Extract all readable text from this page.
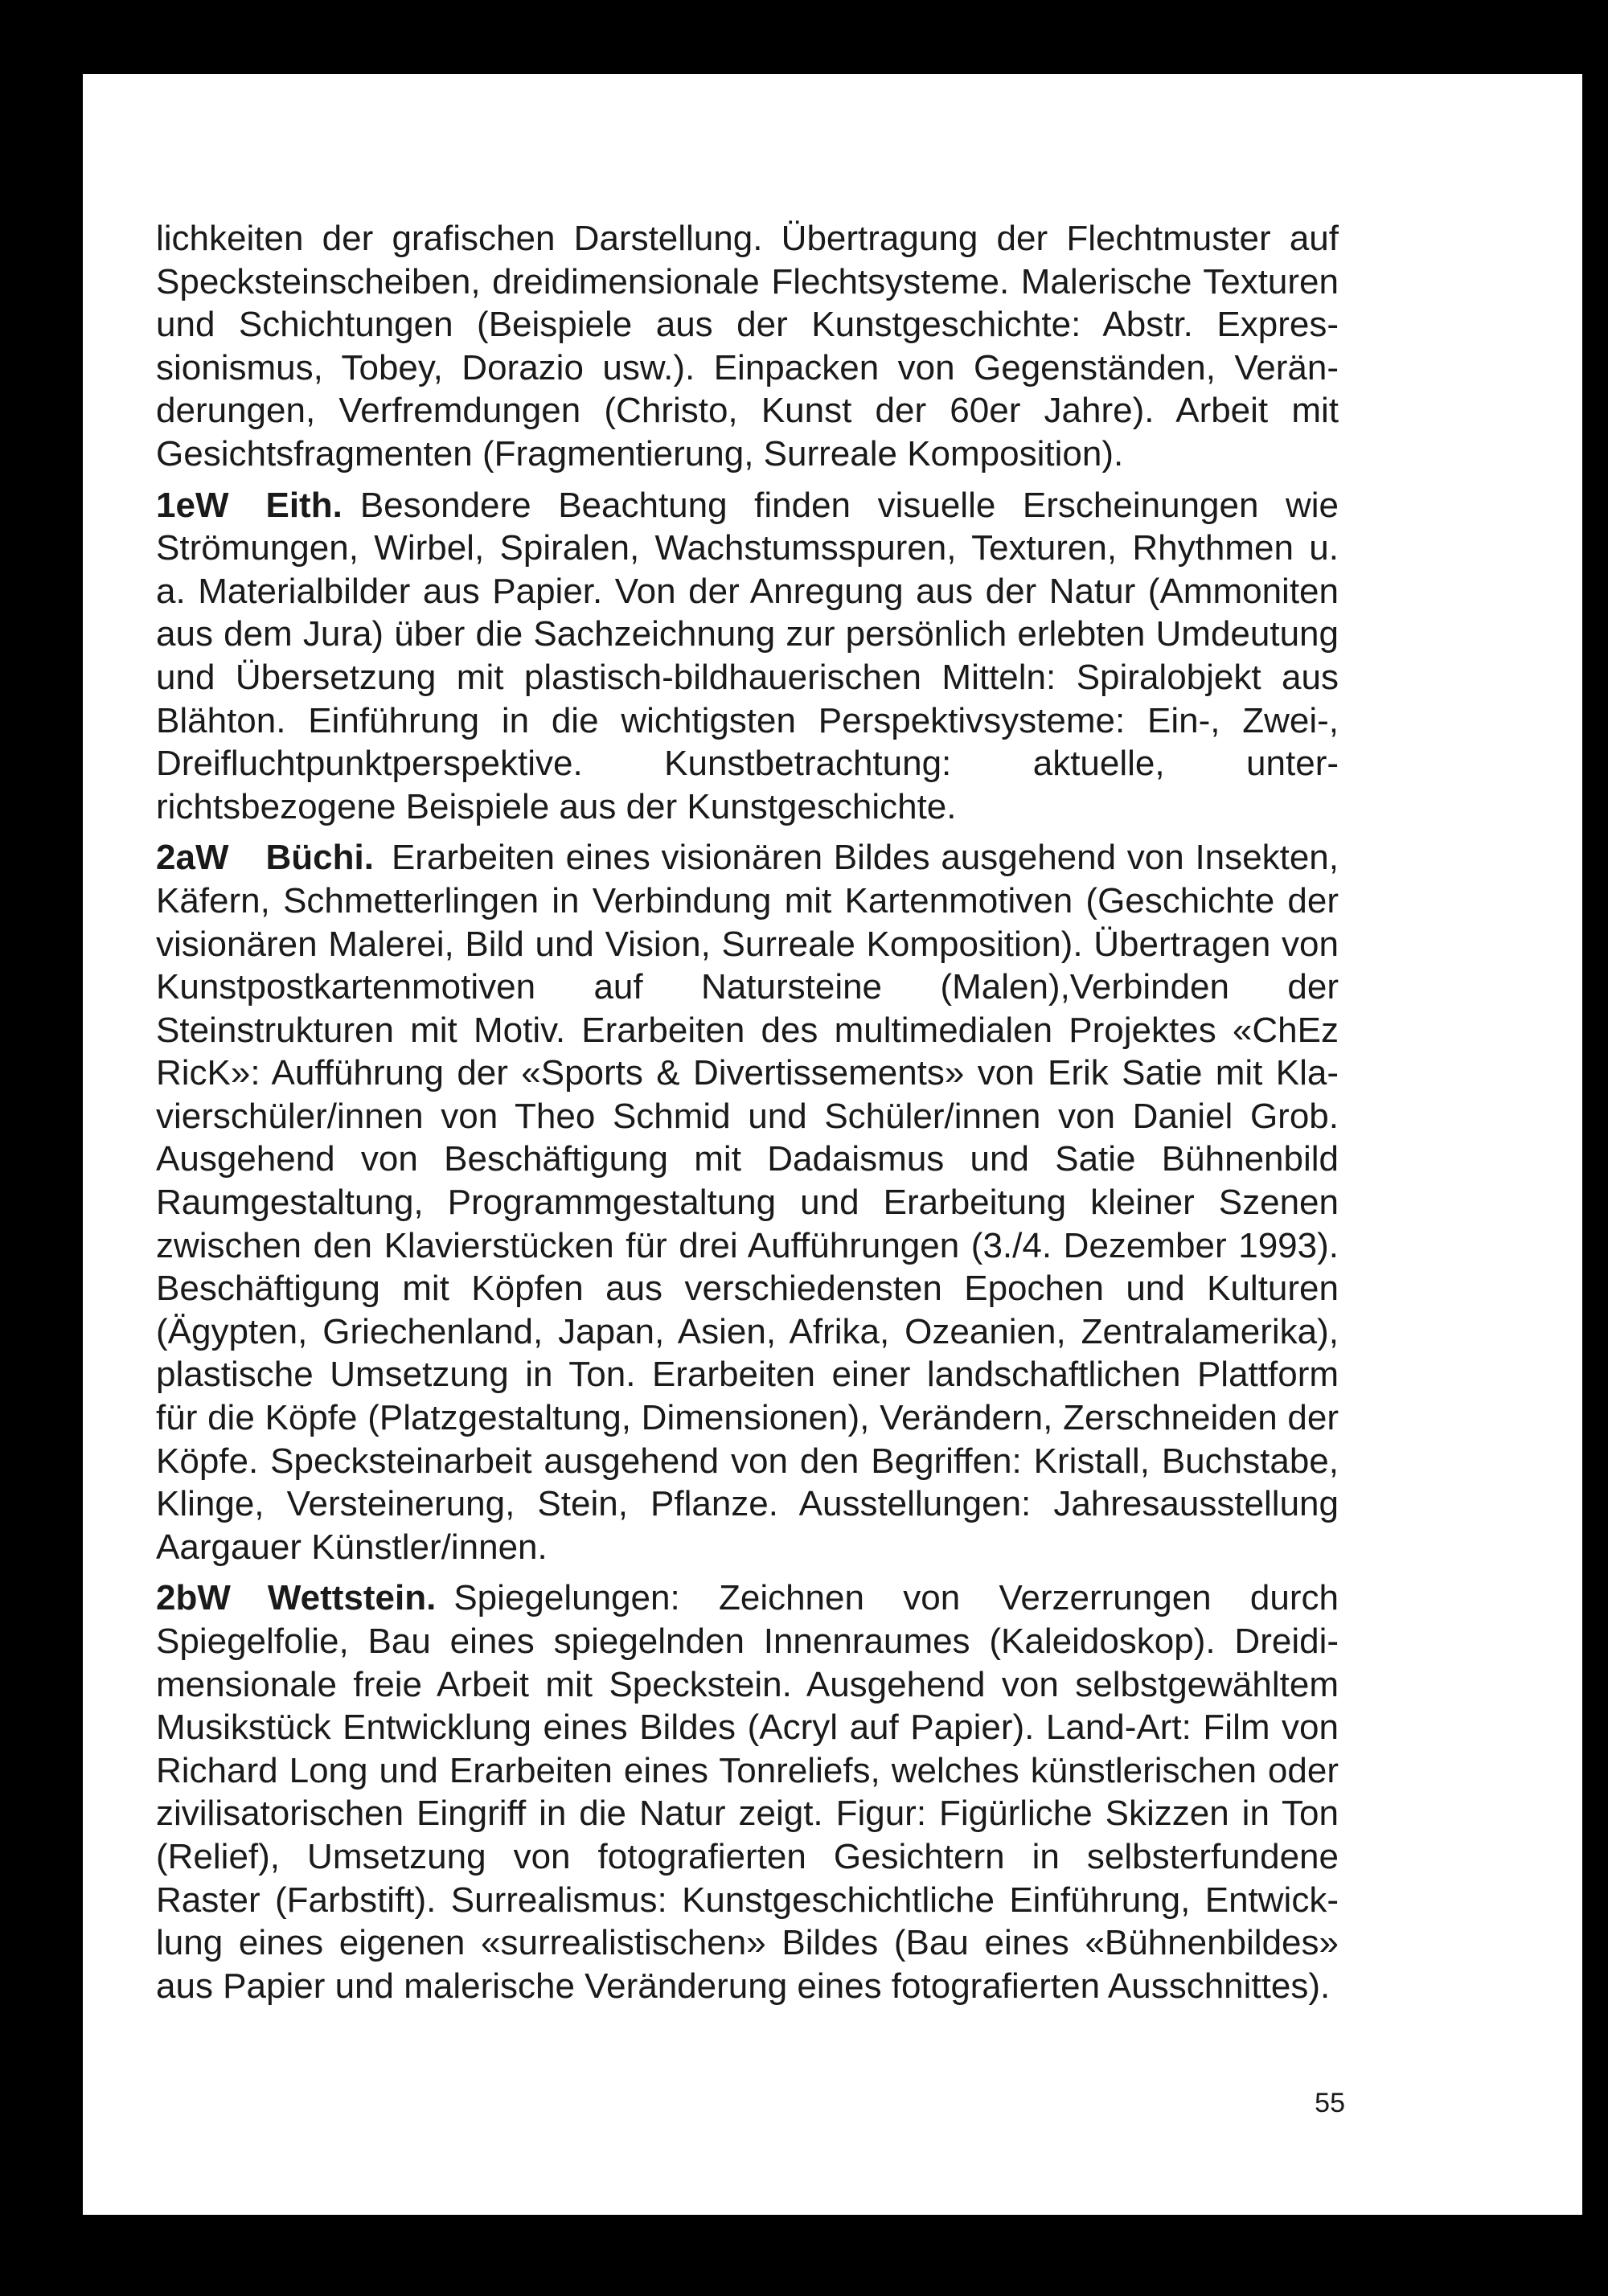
lichkeiten der grafischen Darstellung. Übertragung der Flechtmuster auf Specksteinscheiben, dreidimensionale Flechtsysteme. Malerische Texturen und Schichtungen (Beispiele aus der Kunstgeschichte: Abstr. Expressionismus, Tobey, Dorazio usw.). Einpacken von Gegenständen, Veränderungen, Verfremdungen (Christo, Kunst der 60er Jahre). Arbeit mit Gesichtsfragmenten (Fragmentierung, Surreale Komposition).

1eW Eith. Besondere Beachtung finden visuelle Erscheinungen wie Strömungen, Wirbel, Spiralen, Wachstumsspuren, Texturen, Rhythmen u. a. Materialbilder aus Papier. Von der Anregung aus der Natur (Ammoniten aus dem Jura) über die Sachzeichnung zur persönlich erlebten Umdeutung und Übersetzung mit plastisch-bildhauerischen Mitteln: Spiralobjekt aus Blähton. Einführung in die wichtigsten Perspektivsysteme: Ein-, Zwei-, Dreifluchtpunktperspektive. Kunstbetrachtung: aktuelle, unterrichtsbezogene Beispiele aus der Kunstgeschichte.

2aW Büchi. Erarbeiten eines visionären Bildes ausgehend von Insekten, Käfern, Schmetterlingen in Verbindung mit Kartenmotiven (Geschichte der visionären Malerei, Bild und Vision, Surreale Komposition). Übertragen von Kunstpostkartenmotiven auf Natursteine (Malen),Verbinden der Steinstrukturen mit Motiv. Erarbeiten des multimedialen Projektes «ChEz RicK»: Aufführung der «Sports & Divertissements» von Erik Satie mit Klavierschüler/innen von Theo Schmid und Schüler/innen von Daniel Grob. Ausgehend von Beschäftigung mit Dadaismus und Satie Bühnenbild Raumgestaltung, Programmgestaltung und Erarbeitung kleiner Szenen zwischen den Klavierstücken für drei Aufführungen (3./4. Dezember 1993). Beschäftigung mit Köpfen aus verschiedensten Epochen und Kulturen (Ägypten, Griechenland, Japan, Asien, Afrika, Ozeanien, Zentralamerika), plastische Umsetzung in Ton. Erarbeiten einer landschaftlichen Plattform für die Köpfe (Platzgestaltung, Dimensionen), Verändern, Zerschneiden der Köpfe. Specksteinarbeit ausgehend von den Begriffen: Kristall, Buchstabe, Klinge, Versteinerung, Stein, Pflanze. Ausstellungen: Jahresausstellung Aargauer Künstler/innen.

2bW Wettstein. Spiegelungen: Zeichnen von Verzerrungen durch Spiegelfolie, Bau eines spiegelnden Innenraumes (Kaleidoskop). Dreidimensionale freie Arbeit mit Speckstein. Ausgehend von selbstgewähltem Musikstück Entwicklung eines Bildes (Acryl auf Papier). Land-Art: Film von Richard Long und Erarbeiten eines Tonreliefs, welches künstlerischen oder zivilisatorischen Eingriff in die Natur zeigt. Figur: Figürliche Skizzen in Ton (Relief), Umsetzung von fotografierten Gesichtern in selbsterfundene Raster (Farbstift). Surrealismus: Kunstgeschichtliche Einführung, Entwicklung eines eigenen «surrealistischen» Bildes (Bau eines «Bühnenbildes» aus Papier und malerische Veränderung eines fotografierten Ausschnittes).

55
